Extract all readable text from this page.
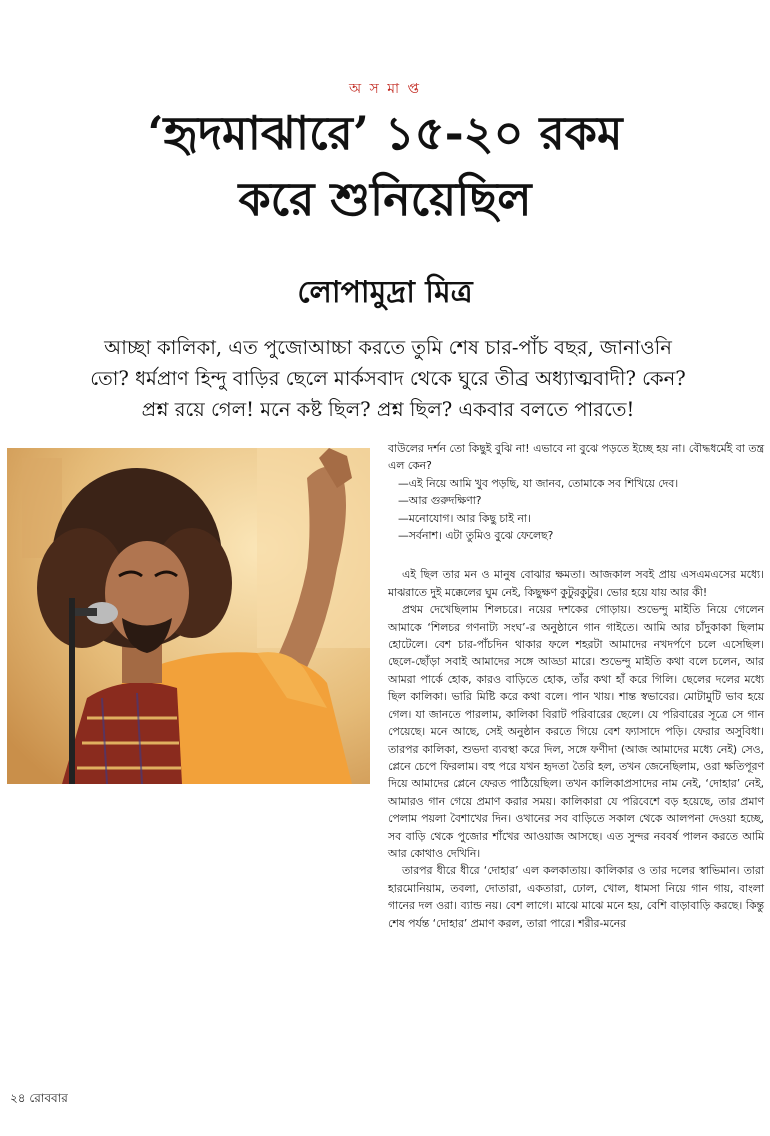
অ স মা প্ত
‘হৃদমাঝারে’ ১৫-২০ রকম
করে শুনিয়েছিল
লোপামুদ্রা মিত্র
আচ্ছা কালিকা, এত পুজোআচ্চা করতে তুমি শেষ চার-পাঁচ বছর, জানাওনি
তো? ধর্মপ্রাণ হিন্দু বাড়ির ছেলে মার্কসবাদ থেকে ঘুরে তীব্র অধ্যাত্মবাদী? কেন?
প্রশ্ন রয়ে গেল! মনে কষ্ট ছিল? প্রশ্ন ছিল? একবার বলতে পারতে!

বাউলের দর্শন তো কিছুই বুঝি না! এভাবে না বুঝে পড়তে ইচ্ছে হয় না। বৌদ্ধধর্মেই বা তন্ত্র এল কেন?

—এই নিয়ে আমি খুব পড়ছি, যা জানব, তোমাকে সব শিখিয়ে দেব।

—আর গুরুদক্ষিণা?

—মনোযোগ। আর কিছু চাই না।

—সর্বনাশ। এটা তুমিও বুঝে ফেলেছ?

এই ছিল তার মন ও মানুষ বোঝার ক্ষমতা। আজকাল সবই প্রায় এসএমএসের মধ্যে। মাঝরাতে দুই মক্কেলের ঘুম নেই, কিছুক্ষণ কুটুরকুটুর। ভোর হয়ে যায় আর কী!

প্রথম দেখেছিলাম শিলচরে। নয়ের দশকের গোড়ায়। শুভেন্দু মাইতি নিয়ে গেলেন আমাকে ‘শিলচর গণনাট্য সংঘ’-র অনুষ্ঠানে গান গাইতে। আমি আর চাঁদুকাকা ছিলাম হোটেলে। বেশ চার-পাঁচদিন থাকার ফলে শহরটা আমাদের নখদর্পণে চলে এসেছিল। ছেলে-ছোঁড়া সবাই আমাদের সঙ্গে আড্ডা মারে। শুভেন্দু মাইতি কথা বলে চলেন, আর আমরা পার্কে হোক, কারও বাড়িতে হোক, তাঁর কথা হাঁ করে গিলি। ছেলের দলের মধ্যে ছিল কালিকা। ভারি মিষ্টি করে কথা বলে। পান খায়। শান্ত স্বভাবের। মোটামুটি ভাব হয়ে গেল। যা জানতে পারলাম, কালিকা বিরাট পরিবারের ছেলে। যে পরিবারের সূত্রে সে গান পেয়েছে। মনে আছে, সেই অনুষ্ঠান করতে গিয়ে বেশ ফ্যাসাদে পড়ি। ফেরার অসুবিধা। তারপর কালিকা, শুভদা ব্যবস্থা করে দিল, সঙ্গে ফণীদা (আজ আমাদের মধ্যে নেই) সেও, প্লেনে চেপে ফিরলাম। বহু পরে যখন হৃদতা তৈরি হল, তখন জেনেছিলাম, ওরা ক্ষতিপূরণ দিয়ে আমাদের প্লেনে ফেরত পাঠিয়েছিল। তখন কালিকাপ্রসাদের নাম নেই, ‘দোহার’ নেই, আমারও গান গেয়ে প্রমাণ করার সময়। কালিকারা যে পরিবেশে বড় হয়েছে, তার প্রমাণ পেলাম পয়লা বৈশাখের দিন। ওখানের সব বাড়িতে সকাল থেকে আলপনা দেওয়া হচ্ছে, সব বাড়ি থেকে পুজোর শাঁখের আওয়াজ আসছে। এত সুন্দর নববর্ষ পালন করতে আমি আর কোথাও দেখিনি।

তারপর ধীরে ধীরে ‘দোহার’ এল কলকাতায়। কালিকার ও তার দলের স্বাভিমান। তারা হারমোনিয়াম, তবলা, দোতারা, একতারা, ঢোল, খোল, ধামসা নিয়ে গান গায়, বাংলা গানের দল ওরা। ব্যান্ড নয়। বেশ লাগে। মাঝে মাঝে মনে হয়, বেশি বাড়াবাড়ি করছে। কিন্তু শেষ পর্যন্ত ‘দোহার’ প্রমাণ করল, তারা পারে। শরীর-মনের

২৪ রোববার
